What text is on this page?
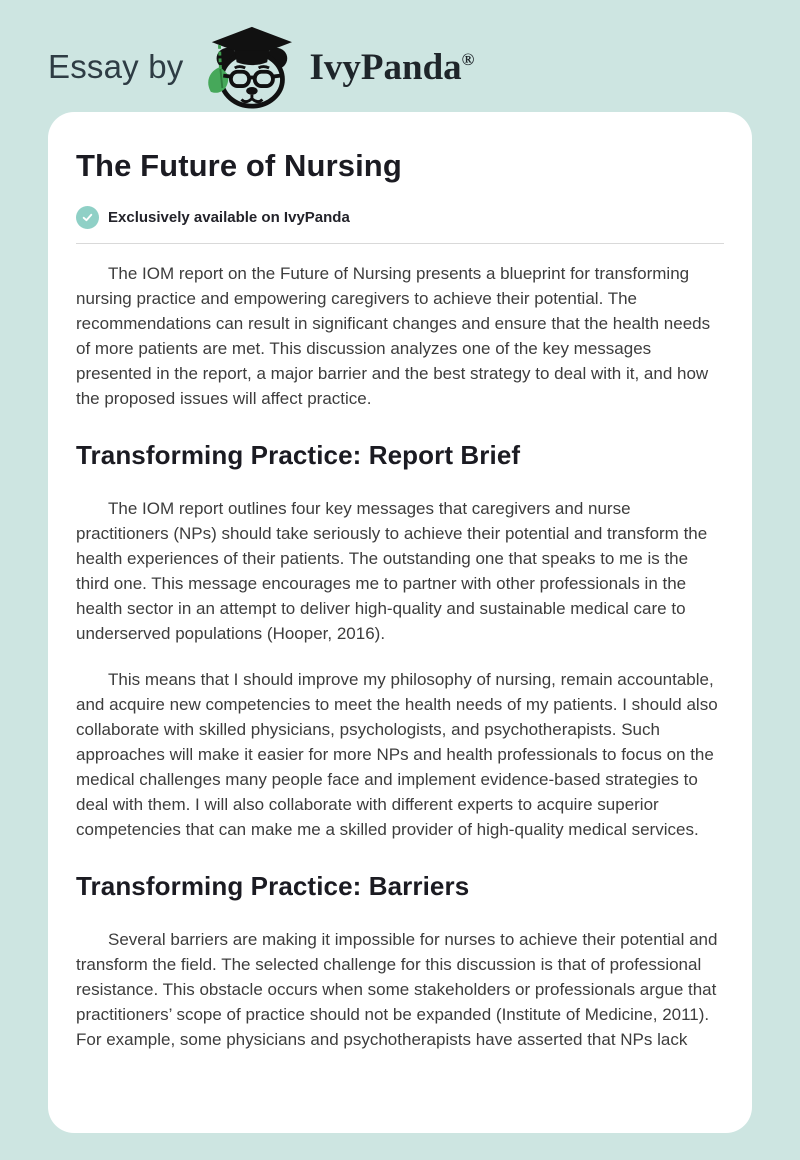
Essay by	IvyPanda®
The Future of Nursing
Exclusively available on IvyPanda

The IOM report on the Future of Nursing presents a blueprint for transforming nursing practice and empowering caregivers to achieve their potential. The recommendations can result in significant changes and ensure that the health needs of more patients are met. This discussion analyzes one of the key messages presented in the report, a major barrier and the best strategy to deal with it, and how the proposed issues will affect practice.

Transforming Practice: Report Brief

The IOM report outlines four key messages that caregivers and nurse practitioners (NPs) should take seriously to achieve their potential and transform the health experiences of their patients. The outstanding one that speaks to me is the third one. This message encourages me to partner with other professionals in the health sector in an attempt to deliver high-quality and sustainable medical care to underserved populations (Hooper, 2016).

This means that I should improve my philosophy of nursing, remain accountable, and acquire new competencies to meet the health needs of my patients. I should also collaborate with skilled physicians, psychologists, and psychotherapists. Such approaches will make it easier for more NPs and health professionals to focus on the medical challenges many people face and implement evidence-based strategies to deal with them. I will also collaborate with different experts to acquire superior competencies that can make me a skilled provider of high-quality medical services.

Transforming Practice: Barriers

Several barriers are making it impossible for nurses to achieve their potential and transform the field. The selected challenge for this discussion is that of professional resistance. This obstacle occurs when some stakeholders or professionals argue that practitioners’ scope of practice should not be expanded (Institute of Medicine, 2011). For example, some physicians and psychotherapists have asserted that NPs lack
